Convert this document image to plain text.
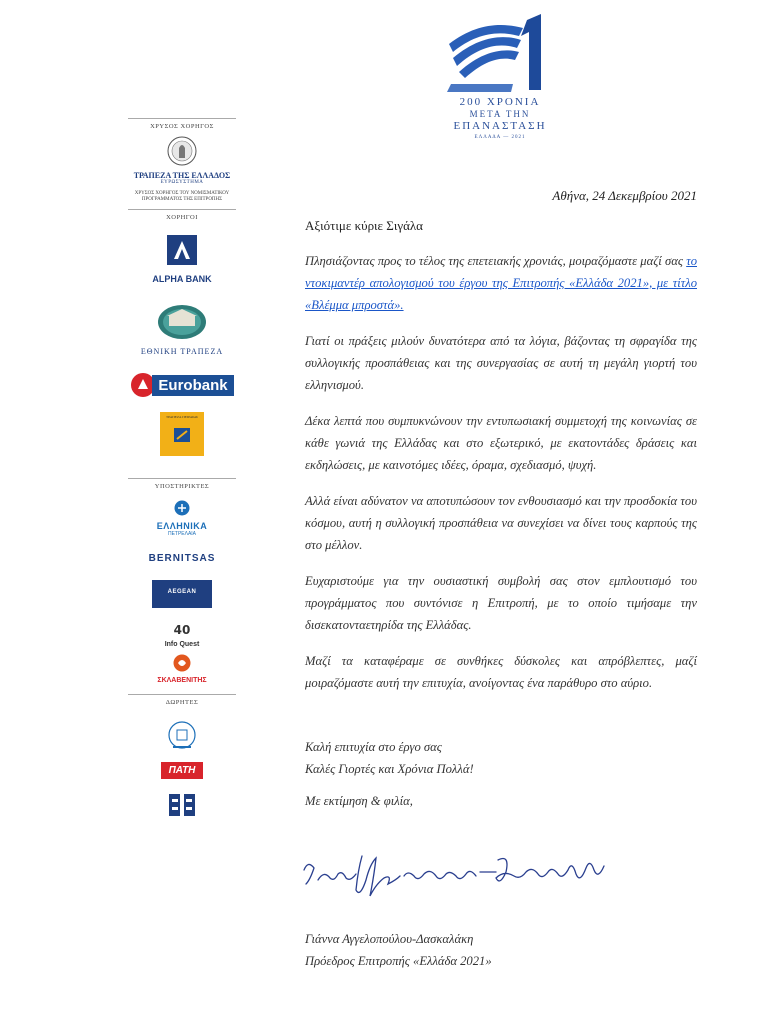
200 ΧΡΟΝΙΑ
ΜΕΤΑ ΤΗΝ
ΕΠΑΝΑΣΤΑΣΗ
ΕΛΛΑΔΑ — 2021
ΧΡΥΣΟΣ ΧΟΡΗΓΟΣ
ΤΡΑΠΕΖΑ ΤΗΣ ΕΛΛΑΔΟΣ
ΕΥΡΩΣΥΣΤΗΜΑ
ΧΡΥΣΟΣ ΧΟΡΗΓΟΣ ΤΟΥ ΝΟΜΙΣΜΑΤΙΚΟΥ ΠΡΟΓΡΑΜΜΑΤΟΣ ΤΗΣ ΕΠΙΤΡΟΠΗΣ
ΧΟΡΗΓΟΙ
ALPHA BANK
ΕΘΝΙΚΗ ΤΡΑΠΕΖΑ
Eurobank
ΤΡΑΠΕΖΑ ΠΕΙΡΑΙΩΣ
ΥΠΟΣΤΗΡΙΚΤΕΣ
ΕΛΛΗΝΙΚΑ
ΠΕΤΡΕΛΑΙΑ
BERNITSAS
AEGEAN
40
Info Quest
ΣΚΛΑΒΕΝΙΤΗΣ
ΔΩΡΗΤΕΣ
ΠΑΤΗ
Αθήνα, 24 Δεκεμβρίου 2021
Αξιότιμε κύριε Σιγάλα

Πλησιάζοντας προς το τέλος της επετειακής χρονιάς, μοιραζόμαστε μαζί σας το ντοκιμαντέρ απολογισμού του έργου της Επιτροπής «Ελλάδα 2021», με τίτλο «Βλέμμα μπροστά».

Γιατί οι πράξεις μιλούν δυνατότερα από τα λόγια, βάζοντας τη σφραγίδα της συλλογικής προσπάθειας και της συνεργασίας σε αυτή τη μεγάλη γιορτή του ελληνισμού.

Δέκα λεπτά που συμπυκνώνουν την εντυπωσιακή συμμετοχή της κοινωνίας σε κάθε γωνιά της Ελλάδας και στο εξωτερικό, με εκατοντάδες δράσεις και εκδηλώσεις, με καινοτόμες ιδέες, όραμα, σχεδιασμό, ψυχή.

Αλλά είναι αδύνατον να αποτυπώσουν τον ενθουσιασμό και την προσδοκία του κόσμου, αυτή η συλλογική προσπάθεια να συνεχίσει να δίνει τους καρπούς της στο μέλλον.

Ευχαριστούμε για την ουσιαστική συμβολή σας στον εμπλουτισμό του προγράμματος που συντόνισε η Επιτροπή, με το οποίο τιμήσαμε την δισεκατονταετηρίδα της Ελλάδας.

Μαζί τα καταφέραμε σε συνθήκες δύσκολες και απρόβλεπτες, μαζί μοιραζόμαστε αυτή την επιτυχία, ανοίγοντας ένα παράθυρο στο αύριο.

Καλή επιτυχία στο έργο σας
Καλές Γιορτές και Χρόνια Πολλά!
Με εκτίμηση & φιλία,
Γιάννα Αγγελοπούλου-Δασκαλάκη
Πρόεδρος Επιτροπής «Ελλάδα 2021»
